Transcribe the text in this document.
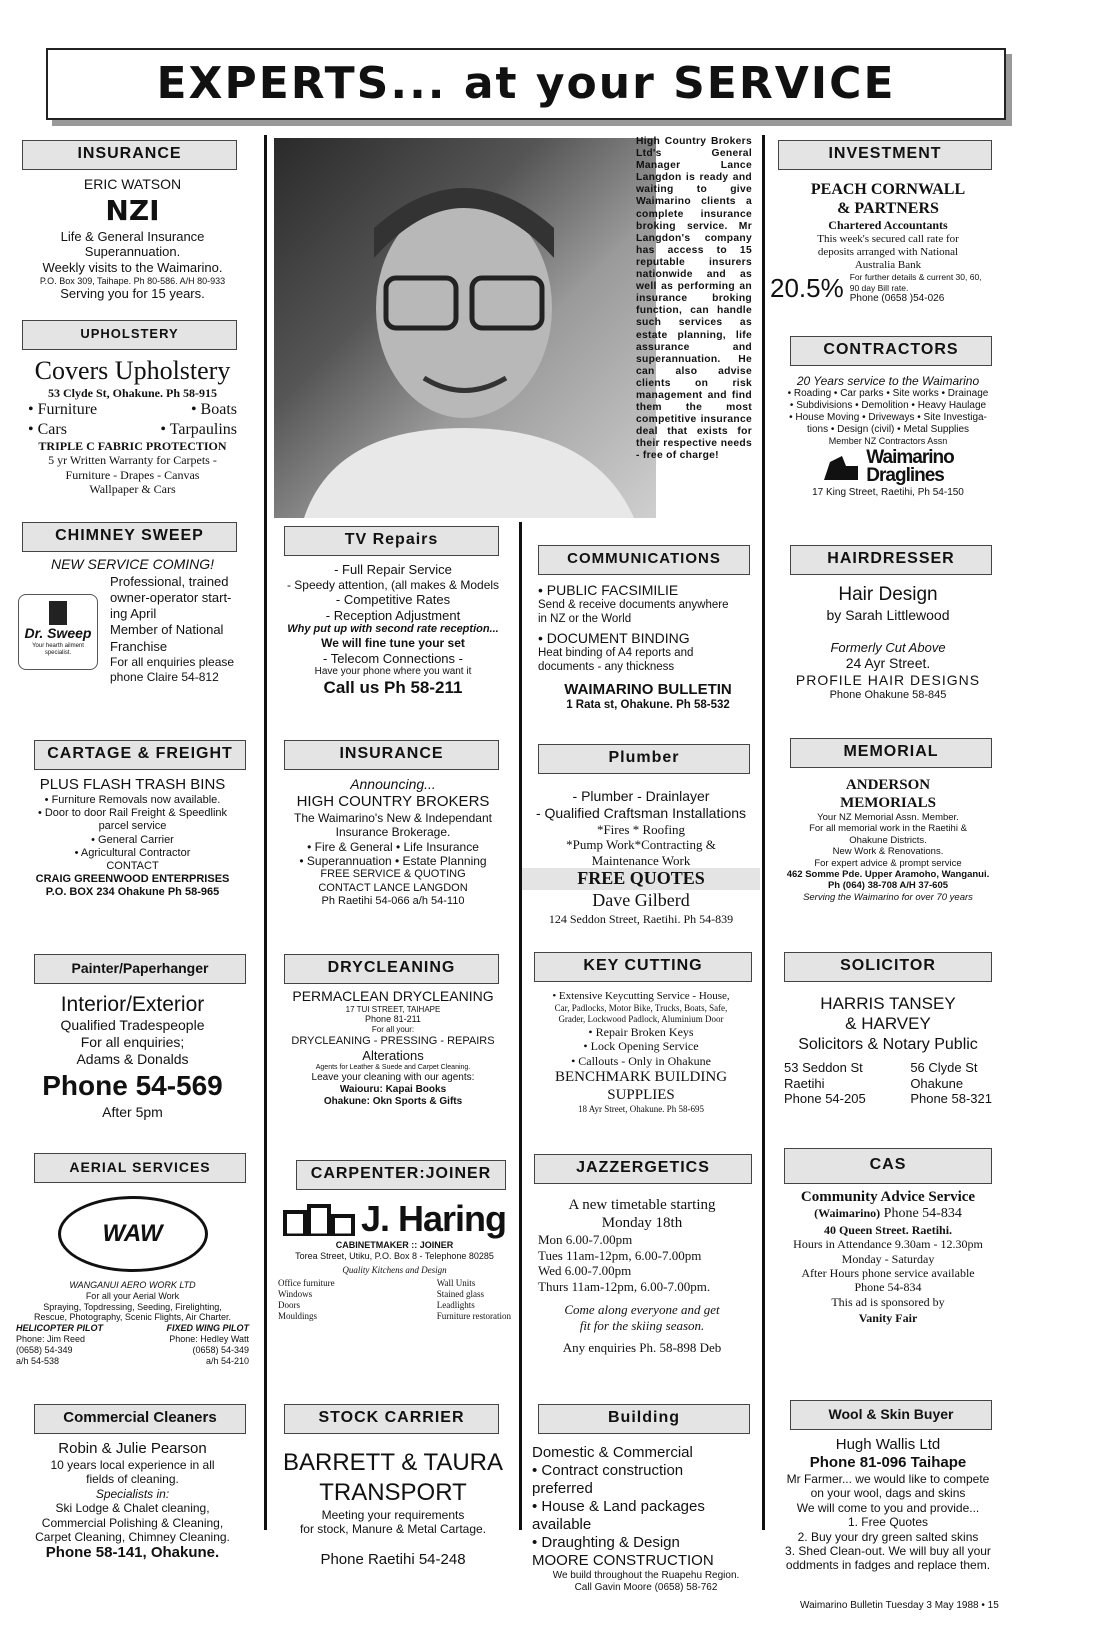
EXPERTS... at your SERVICE
INSURANCE
ERIC WATSON
NZI
Life & General Insurance
Superannuation.
Weekly visits to the Waimarino.
P.O. Box 309, Taihape. Ph 80-586. A/H 80-933
Serving you for 15 years.
UPHOLSTERY
Covers Upholstery
53 Clyde St, Ohakune. Ph 58-915
• Furniture	• Boats
• Cars	• Tarpaulins
TRIPLE C FABRIC PROTECTION
5 yr Written Warranty for Carpets -
Furniture - Drapes - Canvas
Wallpaper & Cars
CHIMNEY SWEEP
NEW SERVICE COMING!
Dr. Sweep
Your hearth ailment specialist.
Professional, trained
owner-operator start-
ing April
Member of National
Franchise
For all enquiries please
phone Claire 54-812
CARTAGE & FREIGHT
PLUS FLASH TRASH BINS
• Furniture Removals now available.
• Door to door Rail Freight & Speedlink
parcel service
• General Carrier
• Agricultural Contractor
CONTACT
CRAIG GREENWOOD ENTERPRISES
P.O. BOX 234 Ohakune Ph 58-965
Painter/Paperhanger
Interior/Exterior
Qualified Tradespeople
For all enquiries;
Adams & Donalds
Phone 54-569
After 5pm
AERIAL SERVICES
WAW
WANGANUI AERO WORK LTD
For all your Aerial Work
Spraying, Topdressing, Seeding, Firelighting,
Rescue, Photography, Scenic Flights, Air Charter.
HELICOPTER PILOT
Phone: Jim Reed
(0658) 54-349
a/h 54-538
FIXED WING PILOT
Phone: Hedley Watt
(0658) 54-349
a/h 54-210
Commercial Cleaners
Robin & Julie Pearson
10 years local experience in all
fields of cleaning.
Specialists in:
Ski Lodge & Chalet cleaning,
Commercial Polishing & Cleaning,
Carpet Cleaning, Chimney Cleaning.
Phone 58-141, Ohakune.
High Country Brokers Ltd's General Manager Lance Langdon is ready and waiting to give Waimarino clients a complete insurance broking service. Mr Langdon's company has access to 15 reputable insurers nationwide and as well as performing an insurance broking function, can handle such services as estate planning, life assurance and superannuation. He can also advise clients on risk management and find them the most competitive insurance deal that exists for their respective needs - free of charge!
TV Repairs
- Full Repair Service
- Speedy attention, (all makes & Models
- Competitive Rates
- Reception Adjustment
Why put up with second rate reception...
We will fine tune your set
- Telecom Connections -
Have your phone where you want it
Call us Ph 58-211
INSURANCE
Announcing...
HIGH COUNTRY BROKERS
The Waimarino's New & Independant
Insurance Brokerage.
• Fire & General • Life Insurance
• Superannuation • Estate Planning
FREE SERVICE & QUOTING
CONTACT LANCE LANGDON
Ph Raetihi 54-066 a/h 54-110
DRYCLEANING
PERMACLEAN DRYCLEANING
17 TUI STREET, TAIHAPE
Phone 81-211
For all your:
DRYCLEANING - PRESSING - REPAIRS
Alterations
Agents for Leather & Suede and Carpet Cleaning.
Leave your cleaning with our agents:
Waiouru: Kapai Books
Ohakune: Okn Sports & Gifts
CARPENTER:JOINER
J. Haring
CABINETMAKER :: JOINER
Torea Street, Utiku, P.O. Box 8 - Telephone 80285
Quality Kitchens and Design
Office furniture
Windows
Doors
Mouldings
Wall Units
Stained glass
Leadlights
Furniture restoration
STOCK CARRIER
BARRETT & TAURA
TRANSPORT
Meeting your requirements
for stock, Manure & Metal Cartage.
Phone Raetihi 54-248
COMMUNICATIONS
• PUBLIC FACSIMILIE
Send & receive documents anywhere
in NZ or the World
• DOCUMENT BINDING
Heat binding of A4 reports and
documents - any thickness
WAIMARINO BULLETIN
1 Rata st, Ohakune. Ph 58-532
Plumber
- Plumber - Drainlayer
- Qualified Craftsman Installations
*Fires * Roofing
*Pump Work*Contracting &
Maintenance Work
FREE QUOTES
Dave Gilberd
124 Seddon Street, Raetihi. Ph 54-839
KEY CUTTING
• Extensive Keycutting Service - House,
Car, Padlocks, Motor Bike, Trucks, Boats, Safe,
Grader, Lockwood Padlock, Aluminium Door
• Repair Broken Keys
• Lock Opening Service
• Callouts - Only in Ohakune
BENCHMARK BUILDING
SUPPLIES
18 Ayr Street, Ohakune. Ph 58-695
JAZZERGETICS
A new timetable starting
Monday 18th
Mon 6.00-7.00pm
Tues 11am-12pm, 6.00-7.00pm
Wed 6.00-7.00pm
Thurs 11am-12pm, 6.00-7.00pm.
Come along everyone and get
fit for the skiing season.
Any enquiries Ph. 58-898 Deb
Building
Domestic & Commercial
• Contract construction
preferred
• House & Land packages
available
• Draughting & Design
MOORE CONSTRUCTION
We build throughout the Ruapehu Region.
Call Gavin Moore (0658) 58-762
INVESTMENT
PEACH CORNWALL
& PARTNERS
Chartered Accountants
This week's secured call rate for
deposits arranged with National
Australia Bank
20.5% For further details & current 30, 60,
90 day Bill rate.
Phone (0658 )54-026
CONTRACTORS
20 Years service to the Waimarino
• Roading • Car parks • Site works • Drainage
• Subdivisions • Demolition • Heavy Haulage
• House Moving • Driveways • Site Investiga-
tions • Design (civil) • Metal Supplies
Member NZ Contractors Assn
Waimarino
Draglines
17 King Street, Raetihi, Ph 54-150
HAIRDRESSER
Hair Design
by Sarah Littlewood
Formerly Cut Above
24 Ayr Street.
PROFILE HAIR DESIGNS
Phone Ohakune 58-845
MEMORIAL
ANDERSON
MEMORIALS
Your NZ Memorial Assn. Member.
For all memorial work in the Raetihi &
Ohakune Districts.
New Work & Renovations.
For expert advice & prompt service
462 Somme Pde. Upper Aramoho, Wanganui.
Ph (064) 38-708 A/H 37-605
Serving the Waimarino for over 70 years
SOLICITOR
HARRIS TANSEY
& HARVEY
Solicitors & Notary Public
53 Seddon St
Raetihi
Phone 54-205
56 Clyde St
Ohakune
Phone 58-321
CAS
Community Advice Service
(Waimarino) Phone 54-834
40 Queen Street. Raetihi.
Hours in Attendance 9.30am - 12.30pm
Monday - Saturday
After Hours phone service available
Phone 54-834
This ad is sponsored by
Vanity Fair
Wool & Skin Buyer
Hugh Wallis Ltd
Phone 81-096 Taihape
Mr Farmer... we would like to compete
on your wool, dags and skins
We will come to you and provide...
1. Free Quotes
2. Buy your dry green salted skins
3. Shed Clean-out. We will buy all your
oddments in fadges and replace them.
Waimarino Bulletin Tuesday 3 May 1988 • 15
